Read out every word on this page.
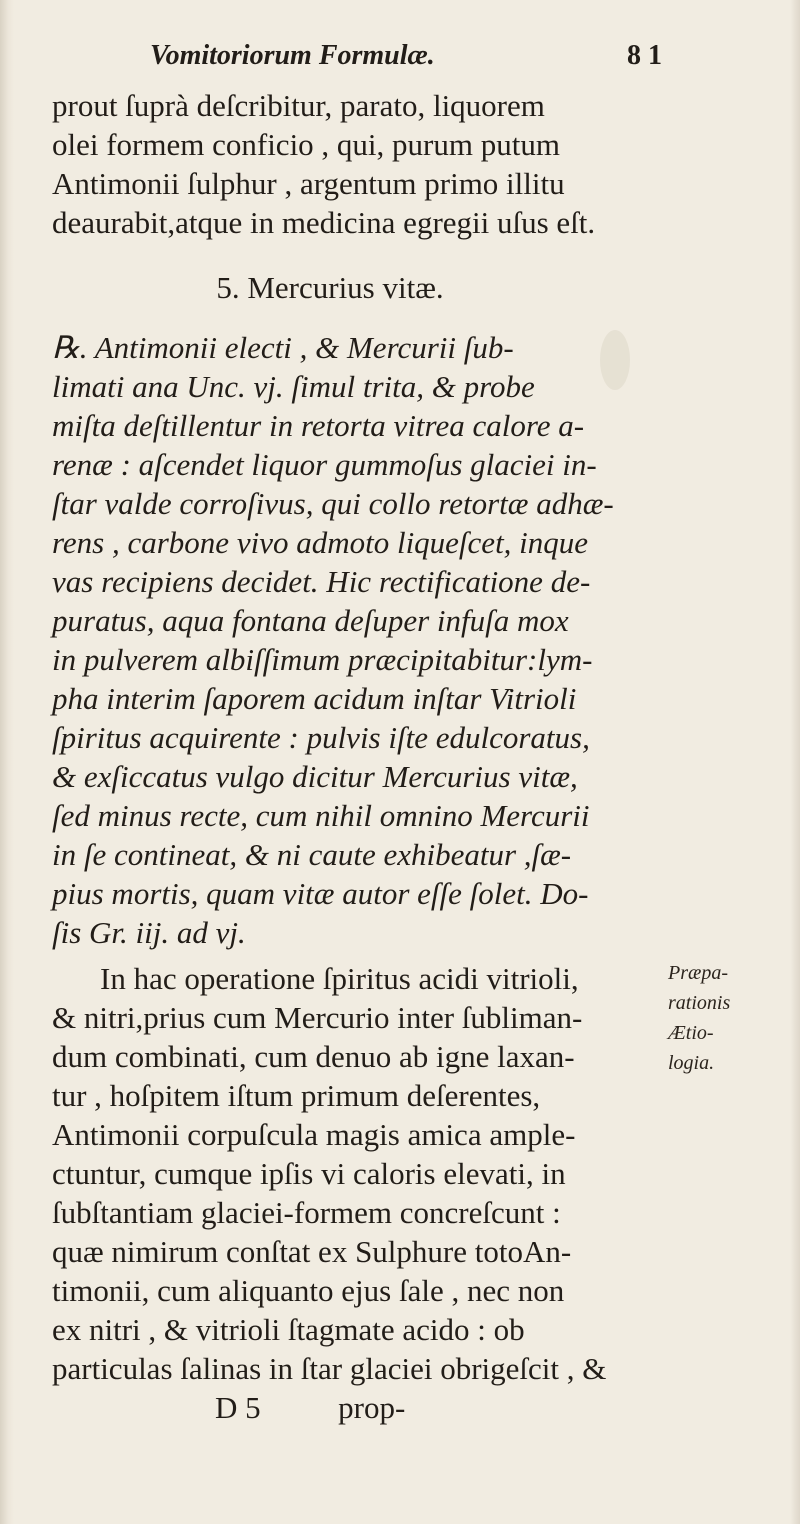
Vomitoriorum Formulæ.	8 1
prout ſuprà deſcribitur, parato, liquorem
olei formem conficio , qui, purum putum
Antimonii ſulphur , argentum primo illitu
deaurabit,atque in medicina egregii uſus eſt.
5. Mercurius vitæ.
℞. Antimonii electi , & Mercurii ſub-
limati ana Unc. vj. ſimul trita, & probe
miſta deſtillentur in retorta vitrea calore a-
renæ : aſcendet liquor gummoſus glaciei in-
ſtar valde corroſivus, qui collo retortæ adhæ-
rens , carbone vivo admoto liqueſcet, inque
vas recipiens decidet. Hic rectificatione de-
puratus, aqua fontana deſuper infuſa mox
in pulverem albiſſimum præcipitabitur:lym-
pha interim ſaporem acidum inſtar Vitrioli
ſpiritus acquirente : pulvis iſte edulcoratus,
& exſiccatus vulgo dicitur Mercurius vitæ,
ſed minus recte, cum nihil omnino Mercurii
in ſe contineat, & ni caute exhibeatur ,ſæ-
pius mortis, quam vitæ autor eſſe ſolet. Do-
ſis Gr. iij. ad vj.
In hac operatione ſpiritus acidi vitrioli,
& nitri,prius cum Mercurio inter ſubliman-
dum combinati, cum denuo ab igne laxan-
tur , hoſpitem iſtum primum deſerentes,
Antimonii corpuſcula magis amica ample-
ctuntur, cumque ipſis vi caloris elevati, in
ſubſtantiam glaciei-formem concreſcunt :
quæ nimirum conſtat ex Sulphure totoAn-
timonii, cum aliquanto ejus ſale , nec non
ex nitri , & vitrioli ſtagmate acido : ob
particulas ſalinas in ſtar glaciei obrigeſcit , &
D 5          prop-
Præpa-
rationis
Ætio-
logia.
